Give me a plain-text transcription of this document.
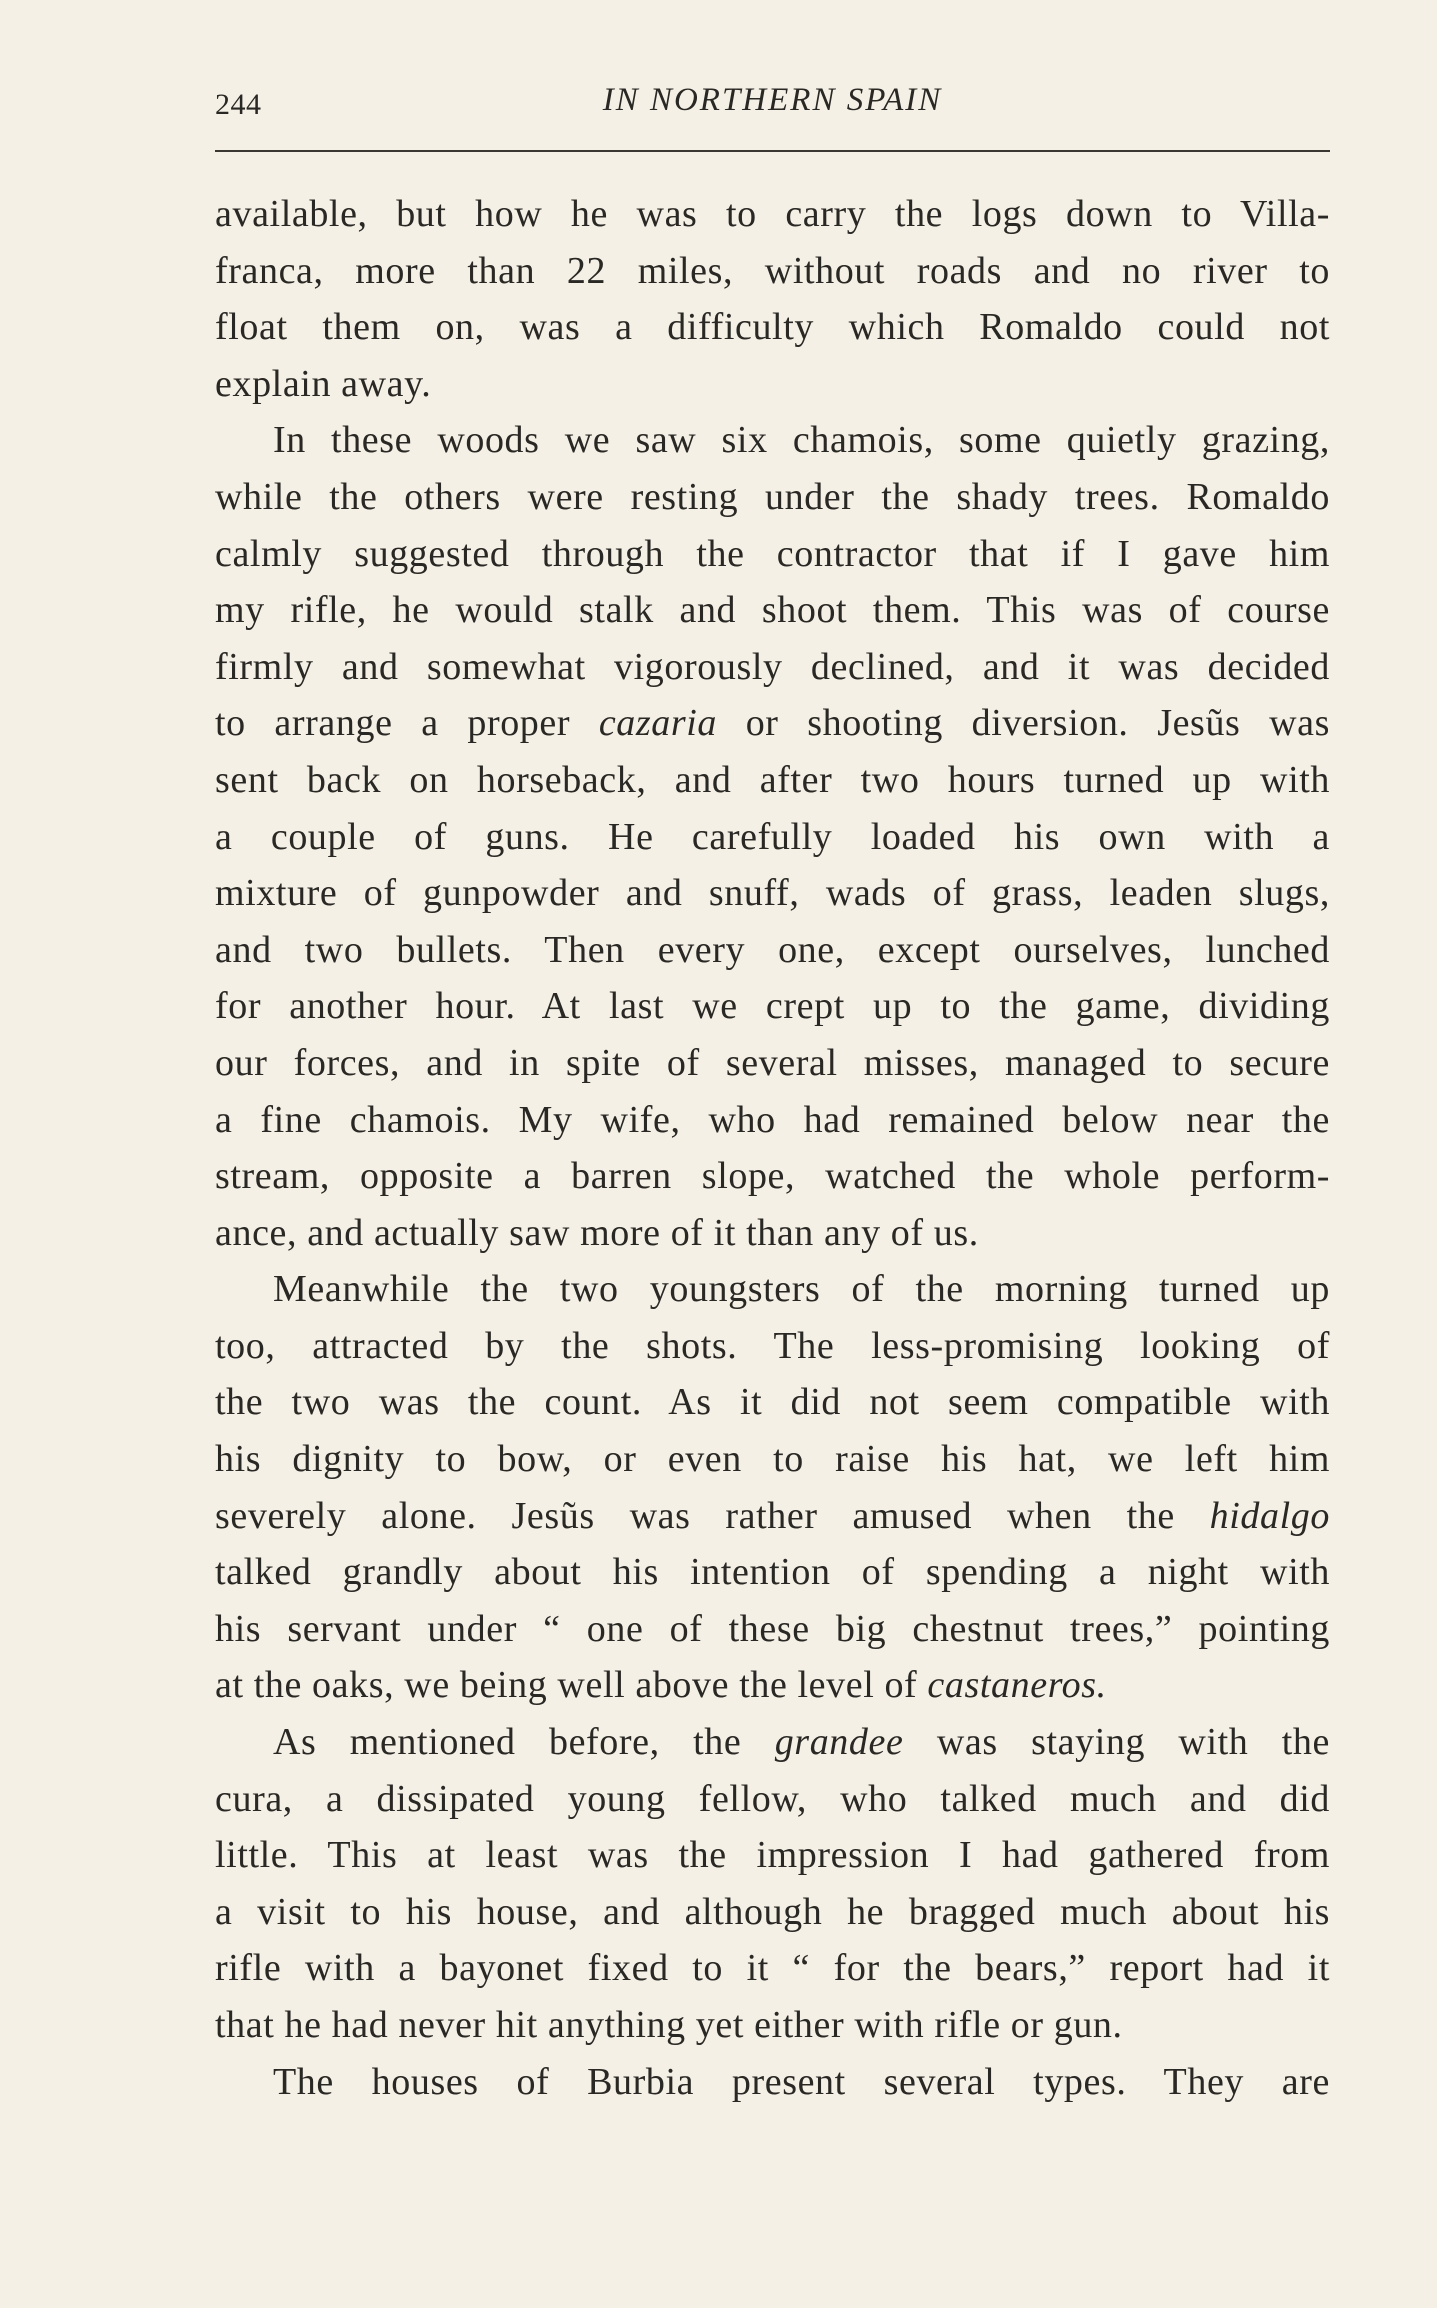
244	IN NORTHERN SPAIN
available, but how he was to carry the logs down to Villa-
franca, more than 22 miles, without roads and no river to
float them on, was a difficulty which Romaldo could not
explain away.
In these woods we saw six chamois, some quietly grazing,
while the others were resting under the shady trees. Romaldo
calmly suggested through the contractor that if I gave him
my rifle, he would stalk and shoot them. This was of course
firmly and somewhat vigorously declined, and it was decided
to arrange a proper cazaria or shooting diversion. Jesũs was
sent back on horseback, and after two hours turned up with
a couple of guns. He carefully loaded his own with a
mixture of gunpowder and snuff, wads of grass, leaden slugs,
and two bullets. Then every one, except ourselves, lunched
for another hour. At last we crept up to the game, dividing
our forces, and in spite of several misses, managed to secure
a fine chamois. My wife, who had remained below near the
stream, opposite a barren slope, watched the whole perform-
ance, and actually saw more of it than any of us.
Meanwhile the two youngsters of the morning turned up
too, attracted by the shots. The less-promising looking of
the two was the count. As it did not seem compatible with
his dignity to bow, or even to raise his hat, we left him
severely alone. Jesũs was rather amused when the hidalgo
talked grandly about his intention of spending a night with
his servant under “ one of these big chestnut trees,” pointing
at the oaks, we being well above the level of castaneros.
As mentioned before, the grandee was staying with the
cura, a dissipated young fellow, who talked much and did
little. This at least was the impression I had gathered from
a visit to his house, and although he bragged much about his
rifle with a bayonet fixed to it “ for the bears,” report had it
that he had never hit anything yet either with rifle or gun.
The houses of Burbia present several types. They are
